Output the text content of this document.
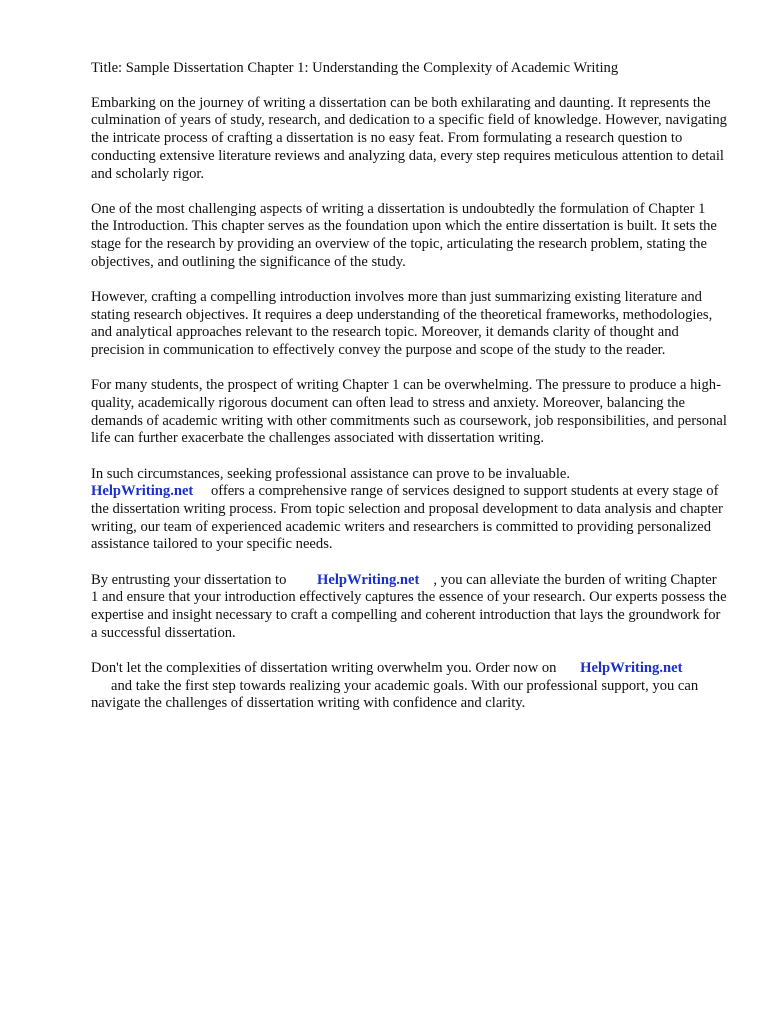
Title: Sample Dissertation Chapter 1: Understanding the Complexity of Academic Writing

Embarking on the journey of writing a dissertation can be both exhilarating and daunting. It represents the culmination of years of study, research, and dedication to a specific field of knowledge. However, navigating the intricate process of crafting a dissertation is no easy feat. From formulating a research question to conducting extensive literature reviews and analyzing data, every step requires meticulous attention to detail and scholarly rigor.

One of the most challenging aspects of writing a dissertation is undoubtedly the formulation of Chapter 1 the Introduction. This chapter serves as the foundation upon which the entire dissertation is built. It sets the stage for the research by providing an overview of the topic, articulating the research problem, stating the objectives, and outlining the significance of the study.

However, crafting a compelling introduction involves more than just summarizing existing literature and stating research objectives. It requires a deep understanding of the theoretical frameworks, methodologies, and analytical approaches relevant to the research topic. Moreover, it demands clarity of thought and precision in communication to effectively convey the purpose and scope of the study to the reader.

For many students, the prospect of writing Chapter 1 can be overwhelming. The pressure to produce a high-quality, academically rigorous document can often lead to stress and anxiety. Moreover, balancing the demands of academic writing with other commitments such as coursework, job responsibilities, and personal life can further exacerbate the challenges associated with dissertation writing.

In such circumstances, seeking professional assistance can prove to be invaluable.
HelpWriting.net offers a comprehensive range of services designed to support students at every stage of the dissertation writing process. From topic selection and proposal development to data analysis and chapter writing, our team of experienced academic writers and researchers is committed to providing personalized assistance tailored to your specific needs.

By entrusting your dissertation to HelpWriting.net , you can alleviate the burden of writing Chapter 1 and ensure that your introduction effectively captures the essence of your research. Our experts possess the expertise and insight necessary to craft a compelling and coherent introduction that lays the groundwork for a successful dissertation.

Don't let the complexities of dissertation writing overwhelm you. Order now on HelpWriting.net
and take the first step towards realizing your academic goals. With our professional support, you can navigate the challenges of dissertation writing with confidence and clarity.
